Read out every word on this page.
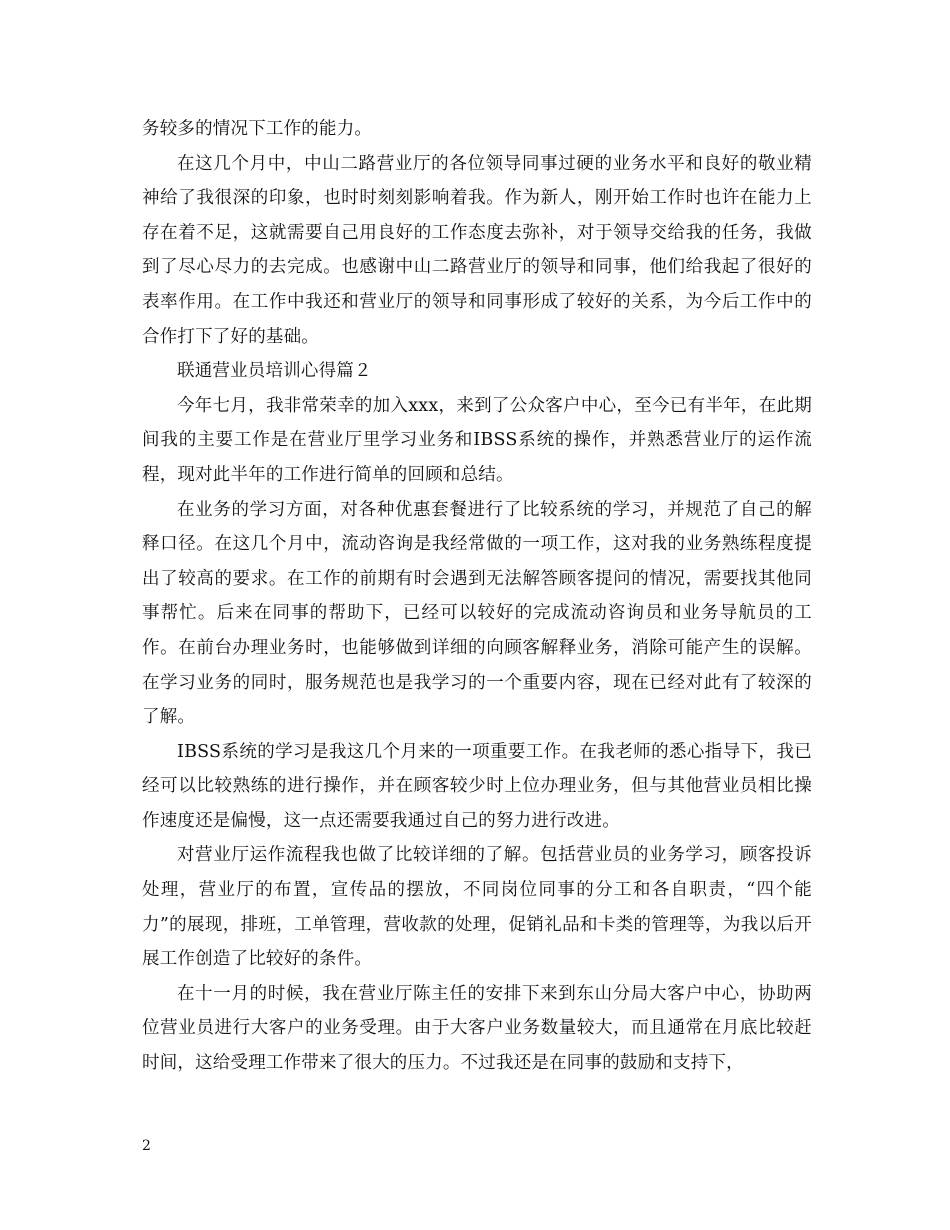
务较多的情况下工作的能力。

在这几个月中，中山二路营业厅的各位领导同事过硬的业务水平和良好的敬业精神给了我很深的印象，也时时刻刻影响着我。作为新人，刚开始工作时也许在能力上存在着不足，这就需要自己用良好的工作态度去弥补，对于领导交给我的任务，我做到了尽心尽力的去完成。也感谢中山二路营业厅的领导和同事，他们给我起了很好的表率作用。在工作中我还和营业厅的领导和同事形成了较好的关系，为今后工作中的合作打下了好的基础。

联通营业员培训心得篇２

今年七月，我非常荣幸的加入xxx，来到了公众客户中心，至今已有半年，在此期间我的主要工作是在营业厅里学习业务和IBSS系统的操作，并熟悉营业厅的运作流程，现对此半年的工作进行简单的回顾和总结。

在业务的学习方面，对各种优惠套餐进行了比较系统的学习，并规范了自己的解释口径。在这几个月中，流动咨询是我经常做的一项工作，这对我的业务熟练程度提出了较高的要求。在工作的前期有时会遇到无法解答顾客提问的情况，需要找其他同事帮忙。后来在同事的帮助下，已经可以较好的完成流动咨询员和业务导航员的工作。在前台办理业务时，也能够做到详细的向顾客解释业务，消除可能产生的误解。在学习业务的同时，服务规范也是我学习的一个重要内容，现在已经对此有了较深的了解。

IBSS系统的学习是我这几个月来的一项重要工作。在我老师的悉心指导下，我已经可以比较熟练的进行操作，并在顾客较少时上位办理业务，但与其他营业员相比操作速度还是偏慢，这一点还需要我通过自己的努力进行改进。

对营业厅运作流程我也做了比较详细的了解。包括营业员的业务学习，顾客投诉处理，营业厅的布置，宣传品的摆放，不同岗位同事的分工和各自职责，“四个能力”的展现，排班，工单管理，营收款的处理，促销礼品和卡类的管理等，为我以后开展工作创造了比较好的条件。

在十一月的时候，我在营业厅陈主任的安排下来到东山分局大客户中心，协助两位营业员进行大客户的业务受理。由于大客户业务数量较大，而且通常在月底比较赶时间，这给受理工作带来了很大的压力。不过我还是在同事的鼓励和支持下，

2
